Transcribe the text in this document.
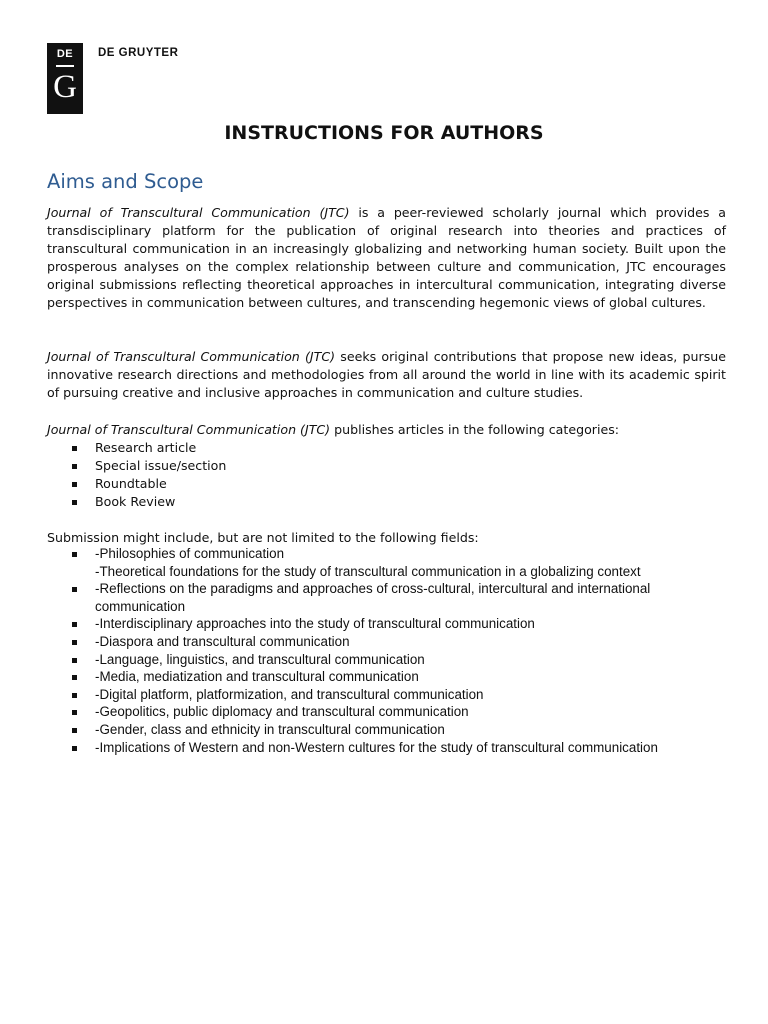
DE
G
DE GRUYTER
INSTRUCTIONS FOR AUTHORS
Aims and Scope

Journal of Transcultural Communication (JTC) is a peer-reviewed scholarly journal which provides a transdisciplinary platform for the publication of original research into theories and practices of transcultural communication in an increasingly globalizing and networking human society. Built upon the prosperous analyses on the complex relationship between culture and communication, JTC encourages original submissions reflecting theoretical approaches in intercultural communication, integrating diverse perspectives in communication between cultures, and transcending hegemonic views of global cultures.

Journal of Transcultural Communication (JTC) seeks original contributions that propose new ideas, pursue innovative research directions and methodologies from all around the world in line with its academic spirit of pursuing creative and inclusive approaches in communication and culture studies.

Journal of Transcultural Communication (JTC) publishes articles in the following categories:

Research article
Special issue/section
Roundtable
Book Review

Submission might include, but are not limited to the following fields:

-Philosophies of communication
-Theoretical foundations for the study of transcultural communication in a globalizing context
-Reflections on the paradigms and approaches of cross-cultural, intercultural and international communication
-Interdisciplinary approaches into the study of transcultural communication
-Diaspora and transcultural communication
-Language, linguistics, and transcultural communication
-Media, mediatization and transcultural communication
-Digital platform, platformization, and transcultural communication
-Geopolitics, public diplomacy and transcultural communication
-Gender, class and ethnicity in transcultural communication
-Implications of Western and non-Western cultures for the study of transcultural communication
